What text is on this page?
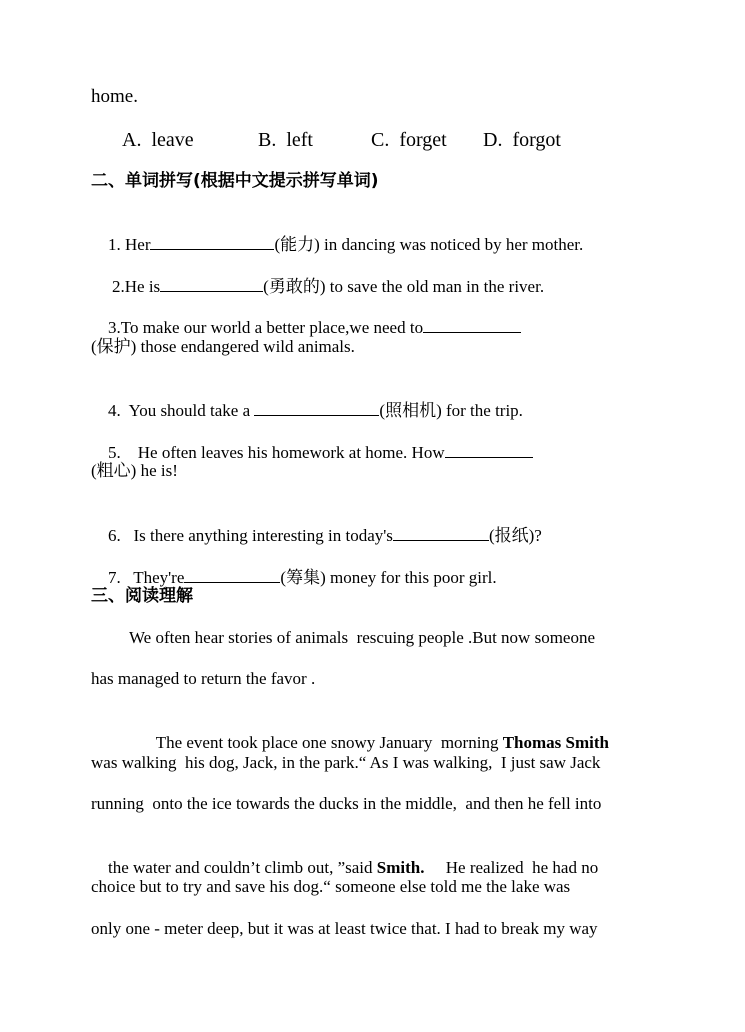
home.
A.  leave	B.  left	C.  forget D.  forgot
二、单词拼写(根据中文提示拼写单词)

1. Her	(能力) in dancing was noticed by her mother.

2.He is	(勇敢的) to save the old man in the river.

3.To make our world a better place,we need to

(保护) those endangered wild animals.

4.  You should take a	(照相机) for the trip.

5.    He often leaves his homework at home. How

(粗心) he is!

6.   Is there anything interesting in today's	(报纸)?

7.   They're	(筹集) money for this poor girl.

三、阅读理解
We often hear stories of animals  rescuing people .But now someone
has managed to return the favor .

The event took place one snowy January  morning Thomas Smith

was walking  his dog, Jack, in the park.“ As I was walking,  I just saw Jack
running  onto the ice towards the ducks in the middle,  and then he fell into

the water and couldn’t climb out, ”said Smith.     He realized  he had no

choice but to try and save his dog.“ someone else told me the lake was
only one - meter deep, but it was at least twice that. I had to break my way
